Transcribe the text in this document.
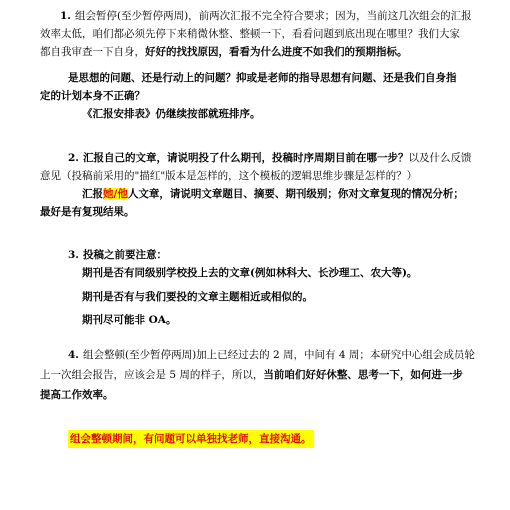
1. 组会暂停(至少暂停两周)，前两次汇报不完全符合要求；因为，当前这几次组会的汇报

效率太低，咱们都必须先停下来稍微休整、整顿一下，看看问题到底出现在哪里？我们大家

都自我审查一下自身，好好的找找原因，看看为什么进度不如我们的预期指标。

是思想的问题、还是行动上的问题？抑或是老师的指导思想有问题、还是我们自身指

定的计划本身不正确？

《汇报安排表》仍继续按部就班排序。

2. 汇报自己的文章，请说明投了什么期刊，投稿时序周期目前在哪一步？以及什么反馈

意见（投稿前采用的"描红"版本是怎样的，这个模板的逻辑思维步骤是怎样的？）

汇报她/他人文章，请说明文章题目、摘要、期刊级别；你对文章复现的情况分析；

最好是有复现结果。

3. 投稿之前要注意：

期刊是否有同级别学校投上去的文章(例如林科大、长沙理工、农大等)。

期刊是否有与我们要投的文章主题相近或相似的。

期刊尽可能非 OA。

4. 组会整顿(至少暂停两周)加上已经过去的 2 周，中间有 4 周；本研究中心组会成员轮

上一次组会报告，应该会是 5 周的样子，所以，当前咱们好好休整、思考一下，如何进一步

提高工作效率。

组会整顿期间，有问题可以单独找老师，直接沟通。
